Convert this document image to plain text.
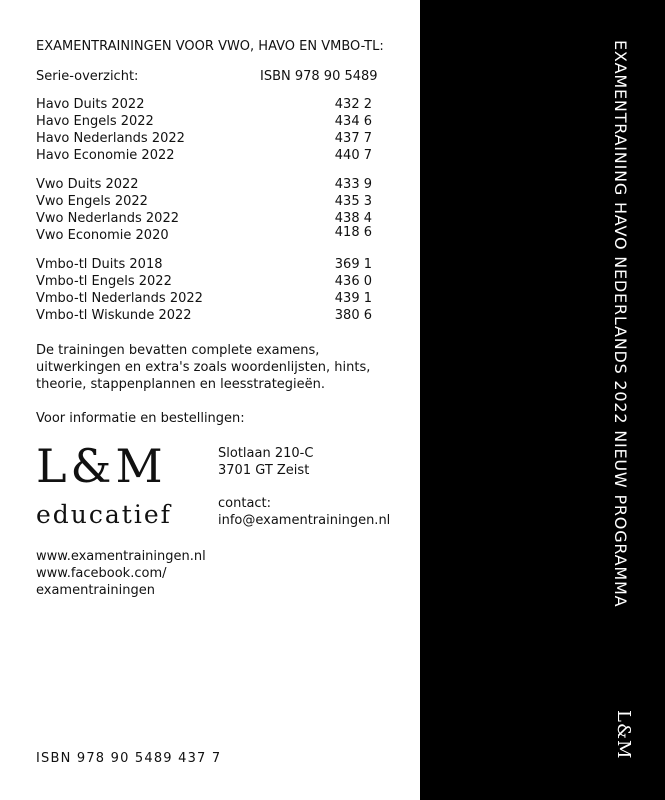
EXAMENTRAININGEN VOOR VWO, HAVO EN VMBO-TL:
Serie-overzicht:	ISBN 978 90 5489
Havo Duits 2022	432 2
Havo Engels 2022	434 6
Havo Nederlands 2022	437 7
Havo Economie 2022	440 7
Vwo Duits 2022	433 9
Vwo Engels 2022	435 3
Vwo Nederlands 2022	438 4
Vwo Economie 2020	418 6
Vmbo-tl Duits 2018	369 1
Vmbo-tl Engels 2022	436 0
Vmbo-tl Nederlands 2022	439 1
Vmbo-tl Wiskunde 2022	380 6
De trainingen bevatten complete examens,
uitwerkingen en extra's zoals woordenlijsten, hints,
theorie, stappenplannen en leesstrategieën.
Voor informatie en bestellingen:
L&M
educatief
Slotlaan 210-C
3701 GT Zeist
contact:
info@examentrainingen.nl
www.examentrainingen.nl
www.facebook.com/
examentrainingen
ISBN 978 90 5489 437 7
EXAMENTRAINING HAVO NEDERLANDS 2022 NIEUW PROGRAMMA
L&M
